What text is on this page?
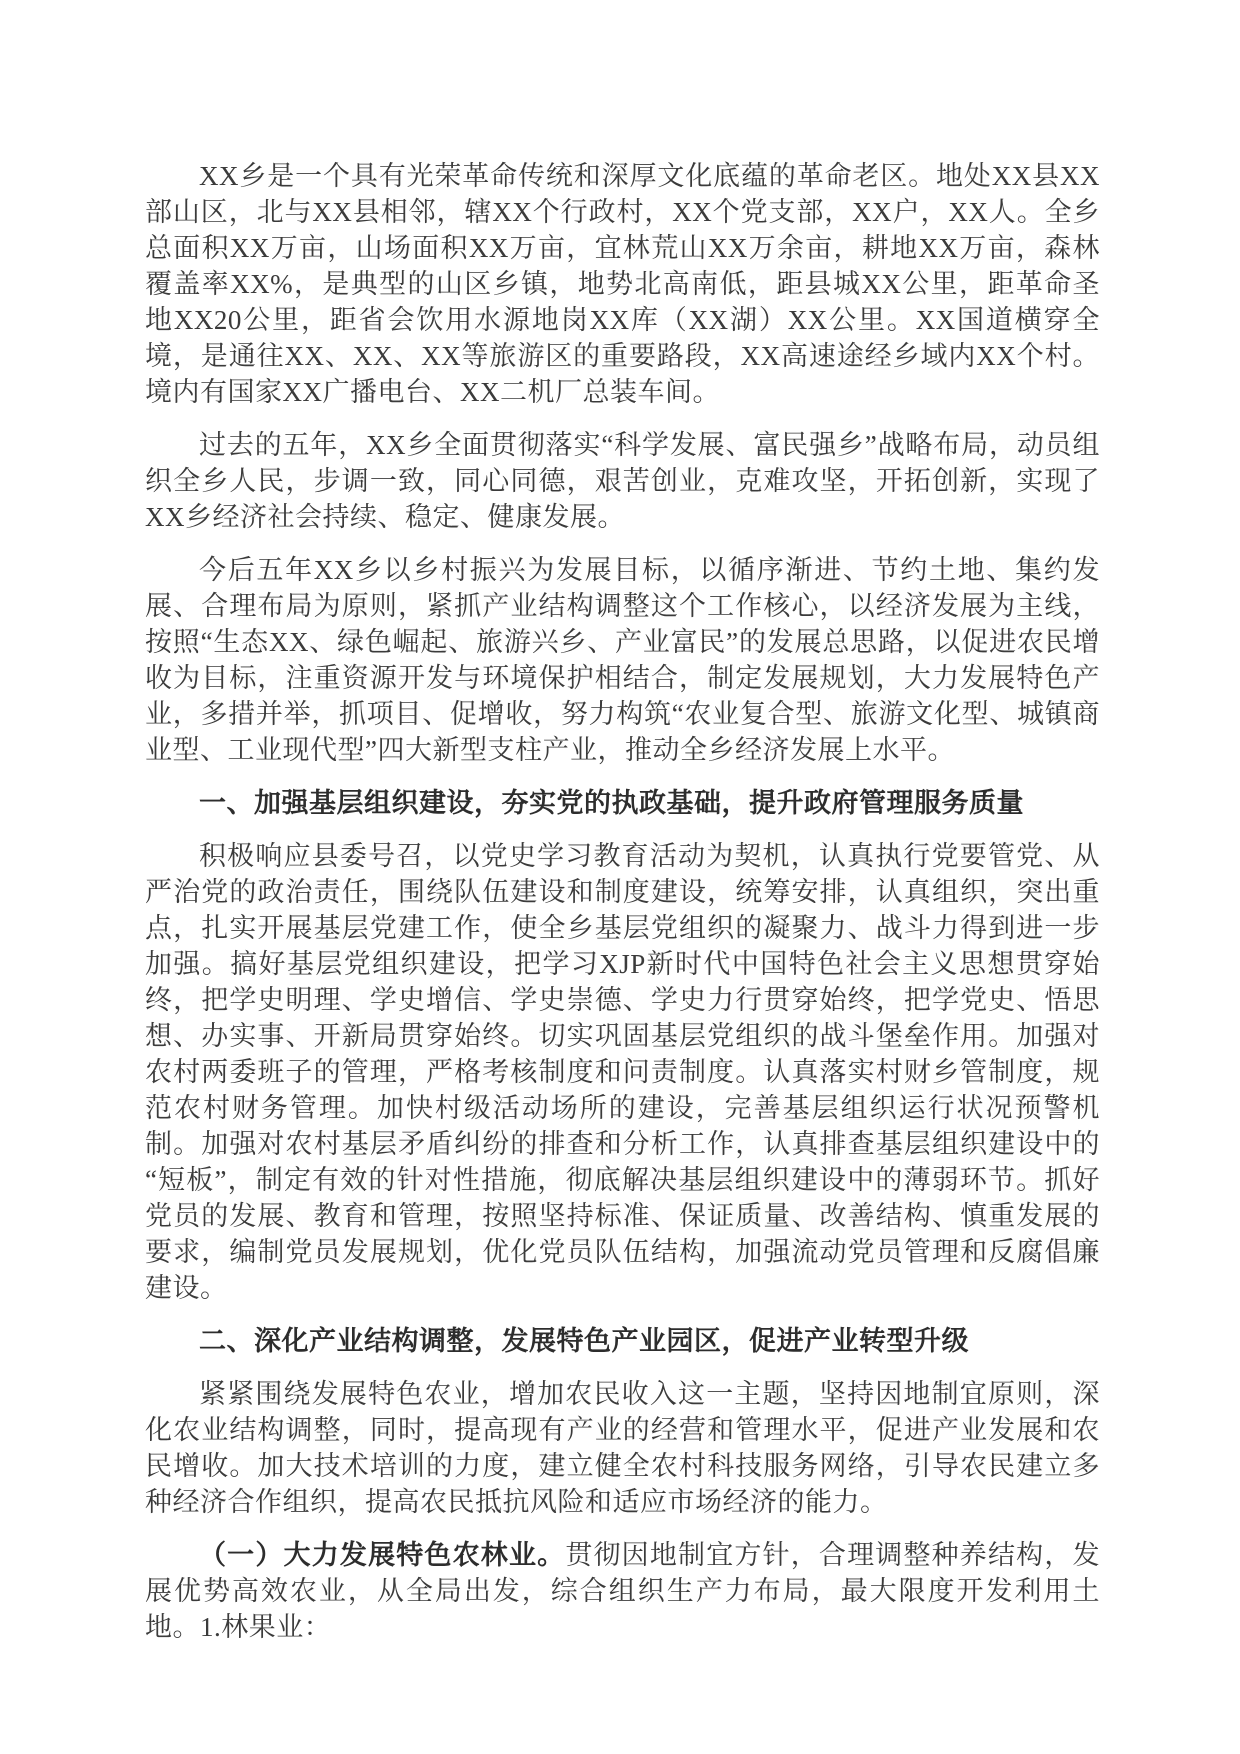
XX乡是一个具有光荣革命传统和深厚文化底蕴的革命老区。地处XX县XX部山区，北与XX县相邻，辖XX个行政村，XX个党支部，XX户，XX人。全乡总面积XX万亩，山场面积XX万亩，宜林荒山XX万余亩，耕地XX万亩，森林覆盖率XX%，是典型的山区乡镇，地势北高南低，距县城XX公里，距革命圣地XX20公里，距省会饮用水源地岗XX库（XX湖）XX公里。XX国道横穿全境，是通往XX、XX、XX等旅游区的重要路段，XX高速途经乡域内XX个村。境内有国家XX广播电台、XX二机厂总装车间。

过去的五年，XX乡全面贯彻落实“科学发展、富民强乡”战略布局，动员组织全乡人民，步调一致，同心同德，艰苦创业，克难攻坚，开拓创新，实现了XX乡经济社会持续、稳定、健康发展。

今后五年XX乡以乡村振兴为发展目标，以循序渐进、节约土地、集约发展、合理布局为原则，紧抓产业结构调整这个工作核心，以经济发展为主线，按照“生态XX、绿色崛起、旅游兴乡、产业富民”的发展总思路，以促进农民增收为目标，注重资源开发与环境保护相结合，制定发展规划，大力发展特色产业，多措并举，抓项目、促增收，努力构筑“农业复合型、旅游文化型、城镇商业型、工业现代型”四大新型支柱产业，推动全乡经济发展上水平。

一、加强基层组织建设，夯实党的执政基础，提升政府管理服务质量

积极响应县委号召，以党史学习教育活动为契机，认真执行党要管党、从严治党的政治责任，围绕队伍建设和制度建设，统筹安排，认真组织，突出重点，扎实开展基层党建工作，使全乡基层党组织的凝聚力、战斗力得到进一步加强。搞好基层党组织建设，把学习XJP新时代中国特色社会主义思想贯穿始终，把学史明理、学史增信、学史崇德、学史力行贯穿始终，把学党史、悟思想、办实事、开新局贯穿始终。切实巩固基层党组织的战斗堡垒作用。加强对农村两委班子的管理，严格考核制度和问责制度。认真落实村财乡管制度，规范农村财务管理。加快村级活动场所的建设，完善基层组织运行状况预警机制。加强对农村基层矛盾纠纷的排查和分析工作，认真排查基层组织建设中的“短板”，制定有效的针对性措施，彻底解决基层组织建设中的薄弱环节。抓好党员的发展、教育和管理，按照坚持标准、保证质量、改善结构、慎重发展的要求，编制党员发展规划，优化党员队伍结构，加强流动党员管理和反腐倡廉建设。

二、深化产业结构调整，发展特色产业园区，促进产业转型升级

紧紧围绕发展特色农业，增加农民收入这一主题，坚持因地制宜原则，深化农业结构调整，同时，提高现有产业的经营和管理水平，促进产业发展和农民增收。加大技术培训的力度，建立健全农村科技服务网络，引导农民建立多种经济合作组织，提高农民抵抗风险和适应市场经济的能力。

（一）大力发展特色农林业。贯彻因地制宜方针，合理调整种养结构，发展优势高效农业，从全局出发，综合组织生产力布局，最大限度开发利用土地。1.林果业：
